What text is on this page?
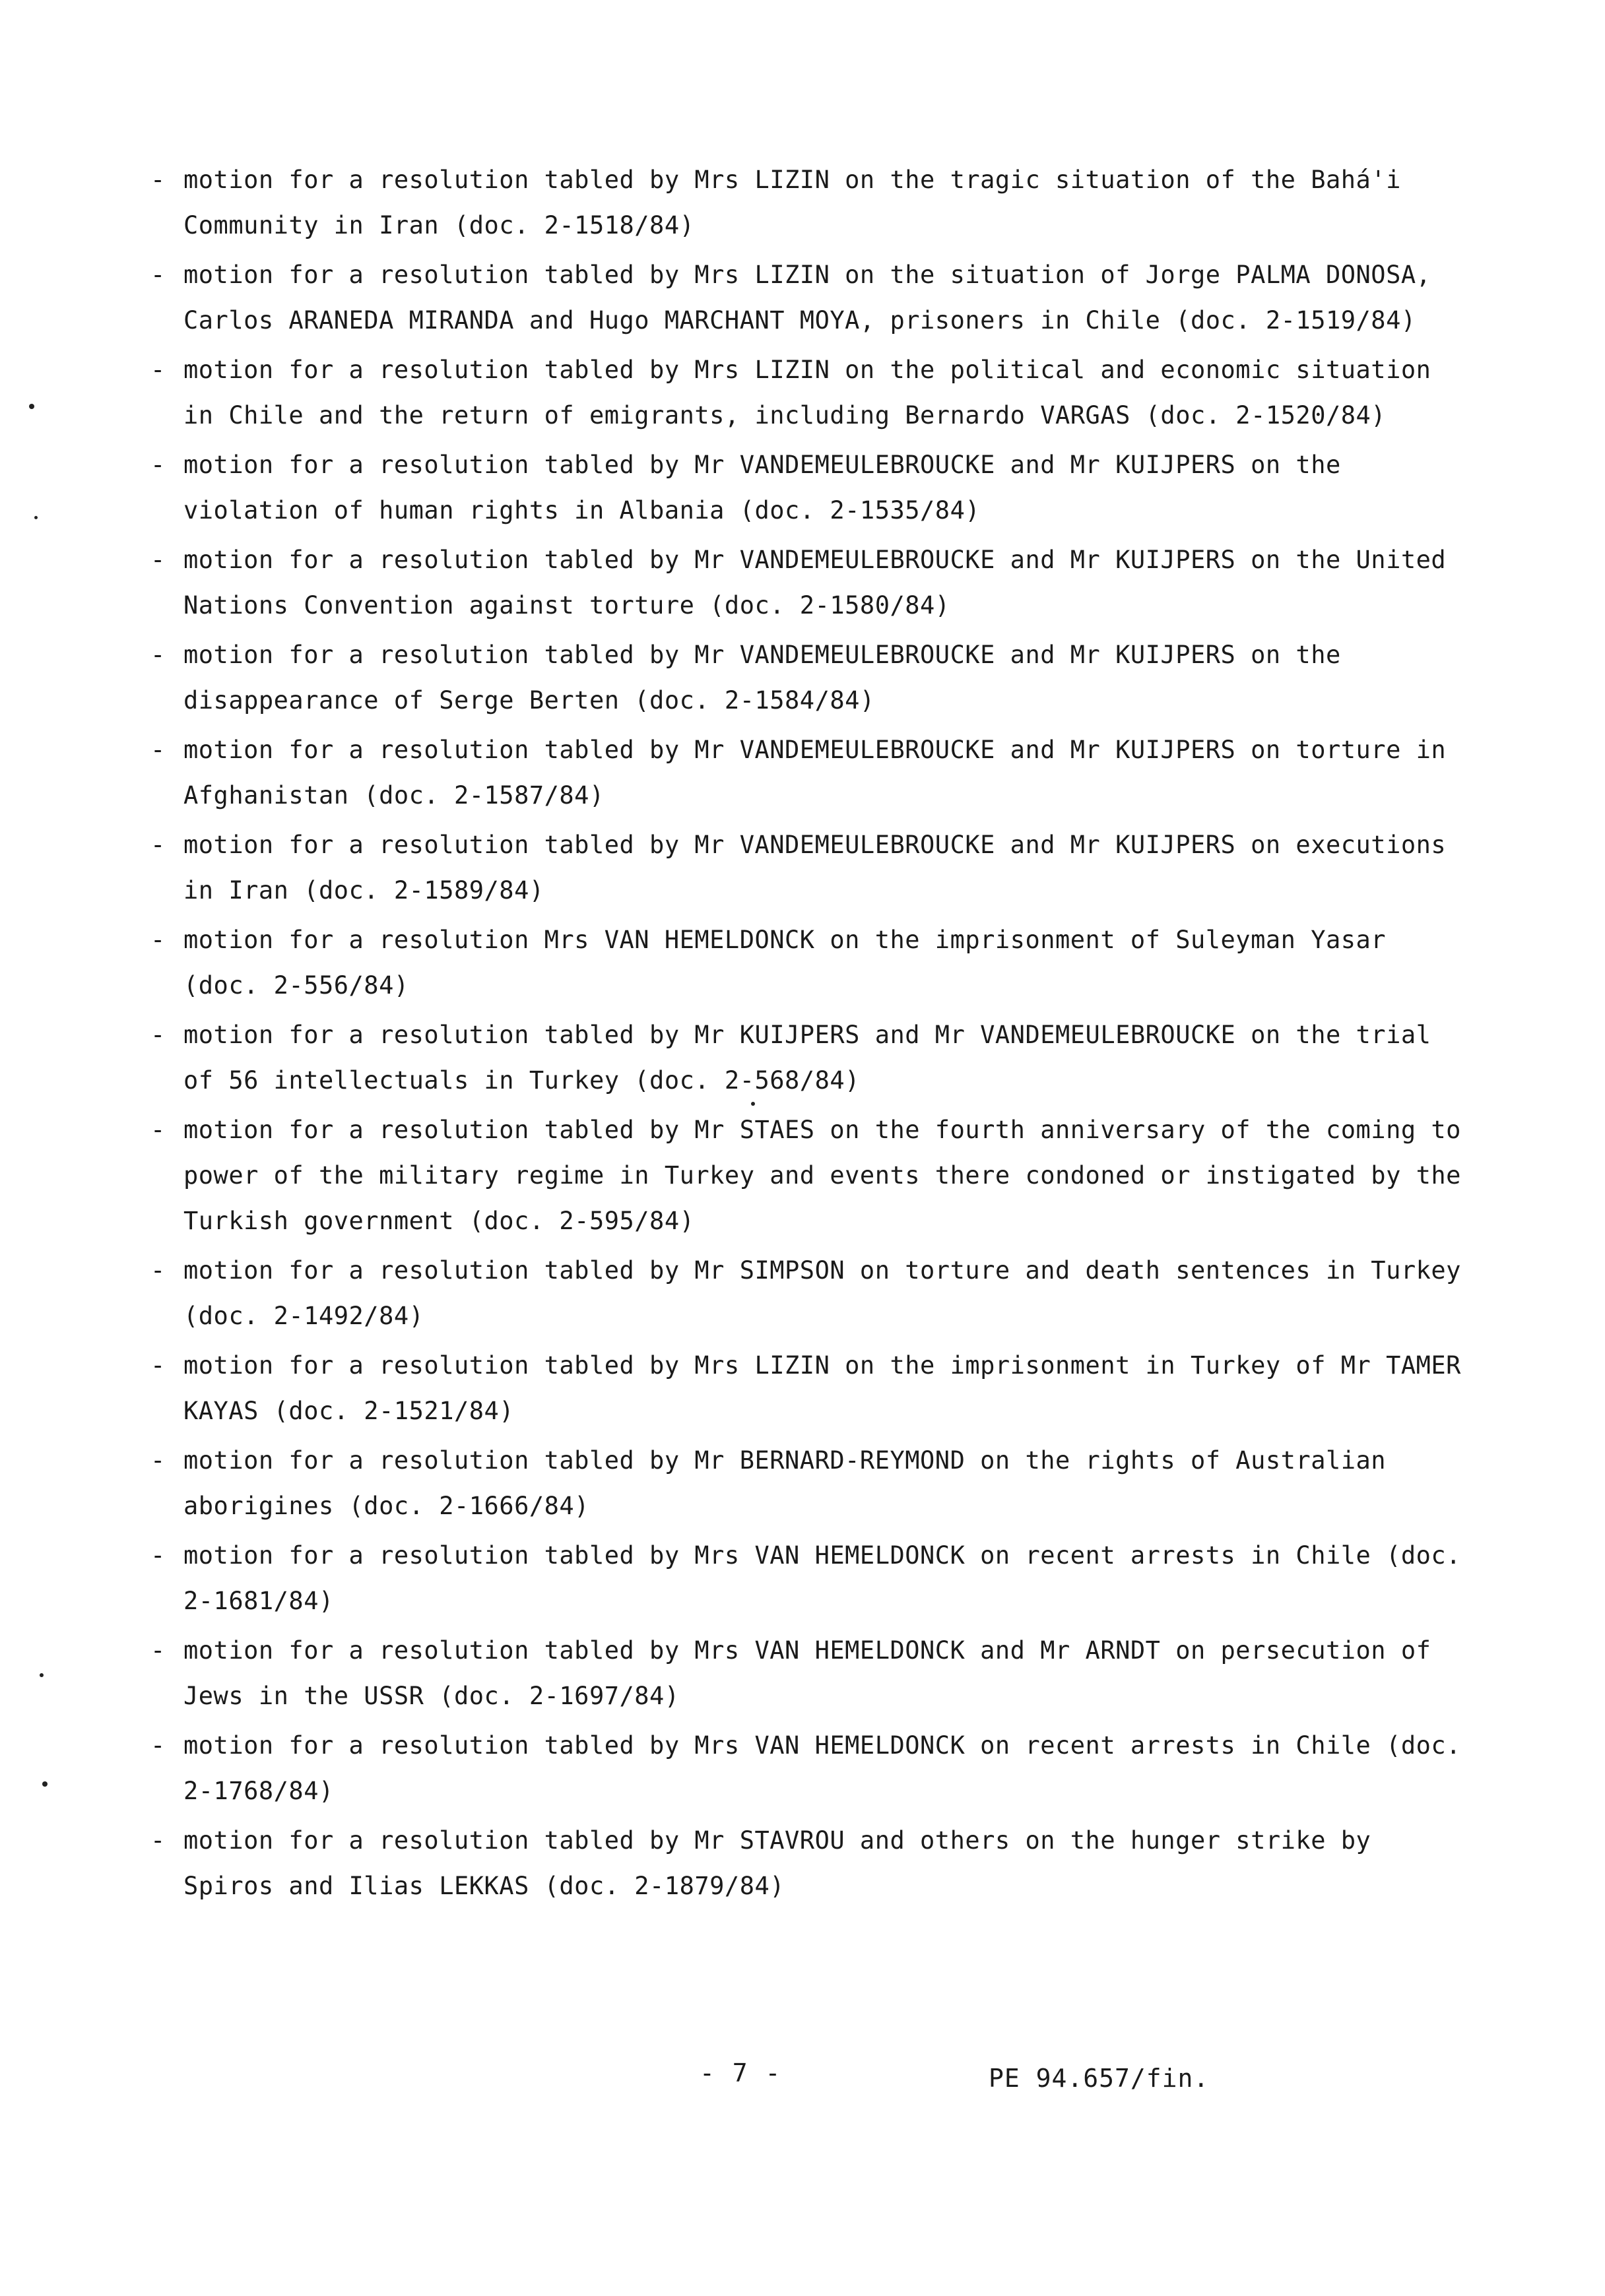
- motion for a resolution tabled by Mrs LIZIN on the tragic situation of the Bahá'i Community in Iran (doc. 2-1518/84)
- motion for a resolution tabled by Mrs LIZIN on the situation of Jorge PALMA DONOSA, Carlos ARANEDA MIRANDA and Hugo MARCHANT MOYA, prisoners in Chile (doc. 2-1519/84)
- motion for a resolution tabled by Mrs LIZIN on the political and economic situation in Chile and the return of emigrants, including Bernardo VARGAS (doc. 2-1520/84)
- motion for a resolution tabled by Mr VANDEMEULEBROUCKE and Mr KUIJPERS on the violation of human rights in Albania (doc. 2-1535/84)
- motion for a resolution tabled by Mr VANDEMEULEBROUCKE and Mr KUIJPERS on the United Nations Convention against torture (doc. 2-1580/84)
- motion for a resolution tabled by Mr VANDEMEULEBROUCKE and Mr KUIJPERS on the disappearance of Serge Berten (doc. 2-1584/84)
- motion for a resolution tabled by Mr VANDEMEULEBROUCKE and Mr KUIJPERS on torture in Afghanistan (doc. 2-1587/84)
- motion for a resolution tabled by Mr VANDEMEULEBROUCKE and Mr KUIJPERS on executions in Iran (doc. 2-1589/84)
- motion for a resolution Mrs VAN HEMELDONCK on the imprisonment of Suleyman Yasar (doc. 2-556/84)
- motion for a resolution tabled by Mr KUIJPERS and Mr VANDEMEULEBROUCKE on the trial of 56 intellectuals in Turkey (doc. 2-568/84)
- motion for a resolution tabled by Mr STAES on the fourth anniversary of the coming to power of the military regime in Turkey and events there condoned or instigated by the Turkish government (doc. 2-595/84)
- motion for a resolution tabled by Mr SIMPSON on torture and death sentences in Turkey (doc. 2-1492/84)
- motion for a resolution tabled by Mrs LIZIN on the imprisonment in Turkey of Mr TAMER KAYAS (doc. 2-1521/84)
- motion for a resolution tabled by Mr BERNARD-REYMOND on the rights of Australian aborigines (doc. 2-1666/84)
- motion for a resolution tabled by Mrs VAN HEMELDONCK on recent arrests in Chile (doc. 2-1681/84)
- motion for a resolution tabled by Mrs VAN HEMELDONCK and Mr ARNDT on persecution of Jews in the USSR (doc. 2-1697/84)
- motion for a resolution tabled by Mrs VAN HEMELDONCK on recent arrests in Chile (doc. 2-1768/84)
- motion for a resolution tabled by Mr STAVROU and others on the hunger strike by Spiros and Ilias LEKKAS (doc. 2-1879/84)
- 7 -	PE 94.657/fin.
